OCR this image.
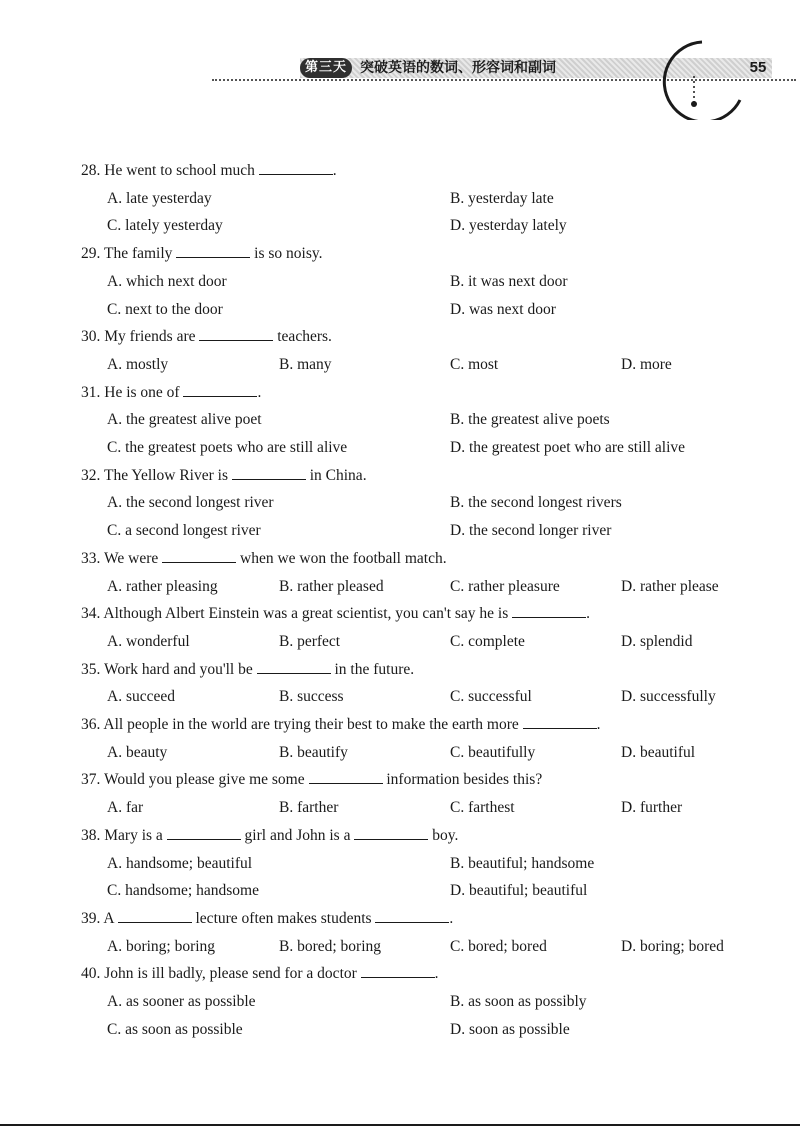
第三天 突破英语的数词、形容词和副词	55
28. He went to school much	.
A. late yesterday	B. yesterday late
C. lately yesterday	D. yesterday lately
29. The family	is so noisy.
A. which next door	B. it was next door
C. next to the door	D. was next door
30. My friends are	teachers.
A. mostly	B. many	C. most	D. more
31. He is one of	.
A. the greatest alive poet	B. the greatest alive poets
C. the greatest poets who are still alive	D. the greatest poet who are still alive
32. The Yellow River is	in China.
A. the second longest river	B. the second longest rivers
C. a second longest river	D. the second longer river
33. We were	when we won the football match.
A. rather pleasing	B. rather pleased	C. rather pleasure	D. rather please
34. Although Albert Einstein was a great scientist, you can't say he is	.
A. wonderful	B. perfect	C. complete	D. splendid
35. Work hard and you'll be	in the future.
A. succeed	B. success	C. successful	D. successfully
36. All people in the world are trying their best to make the earth more	.
A. beauty	B. beautify	C. beautifully	D. beautiful
37. Would you please give me some	information besides this?
A. far	B. farther	C. farthest	D. further
38. Mary is a	girl and John is a	boy.
A. handsome; beautiful	B. beautiful; handsome
C. handsome; handsome	D. beautiful; beautiful
39. A	lecture often makes students	.
A. boring; boring	B. bored; boring	C. bored; bored	D. boring; bored
40. John is ill badly, please send for a doctor	.
A. as sooner as possible	B. as soon as possibly
C. as soon as possible	D. soon as possible
